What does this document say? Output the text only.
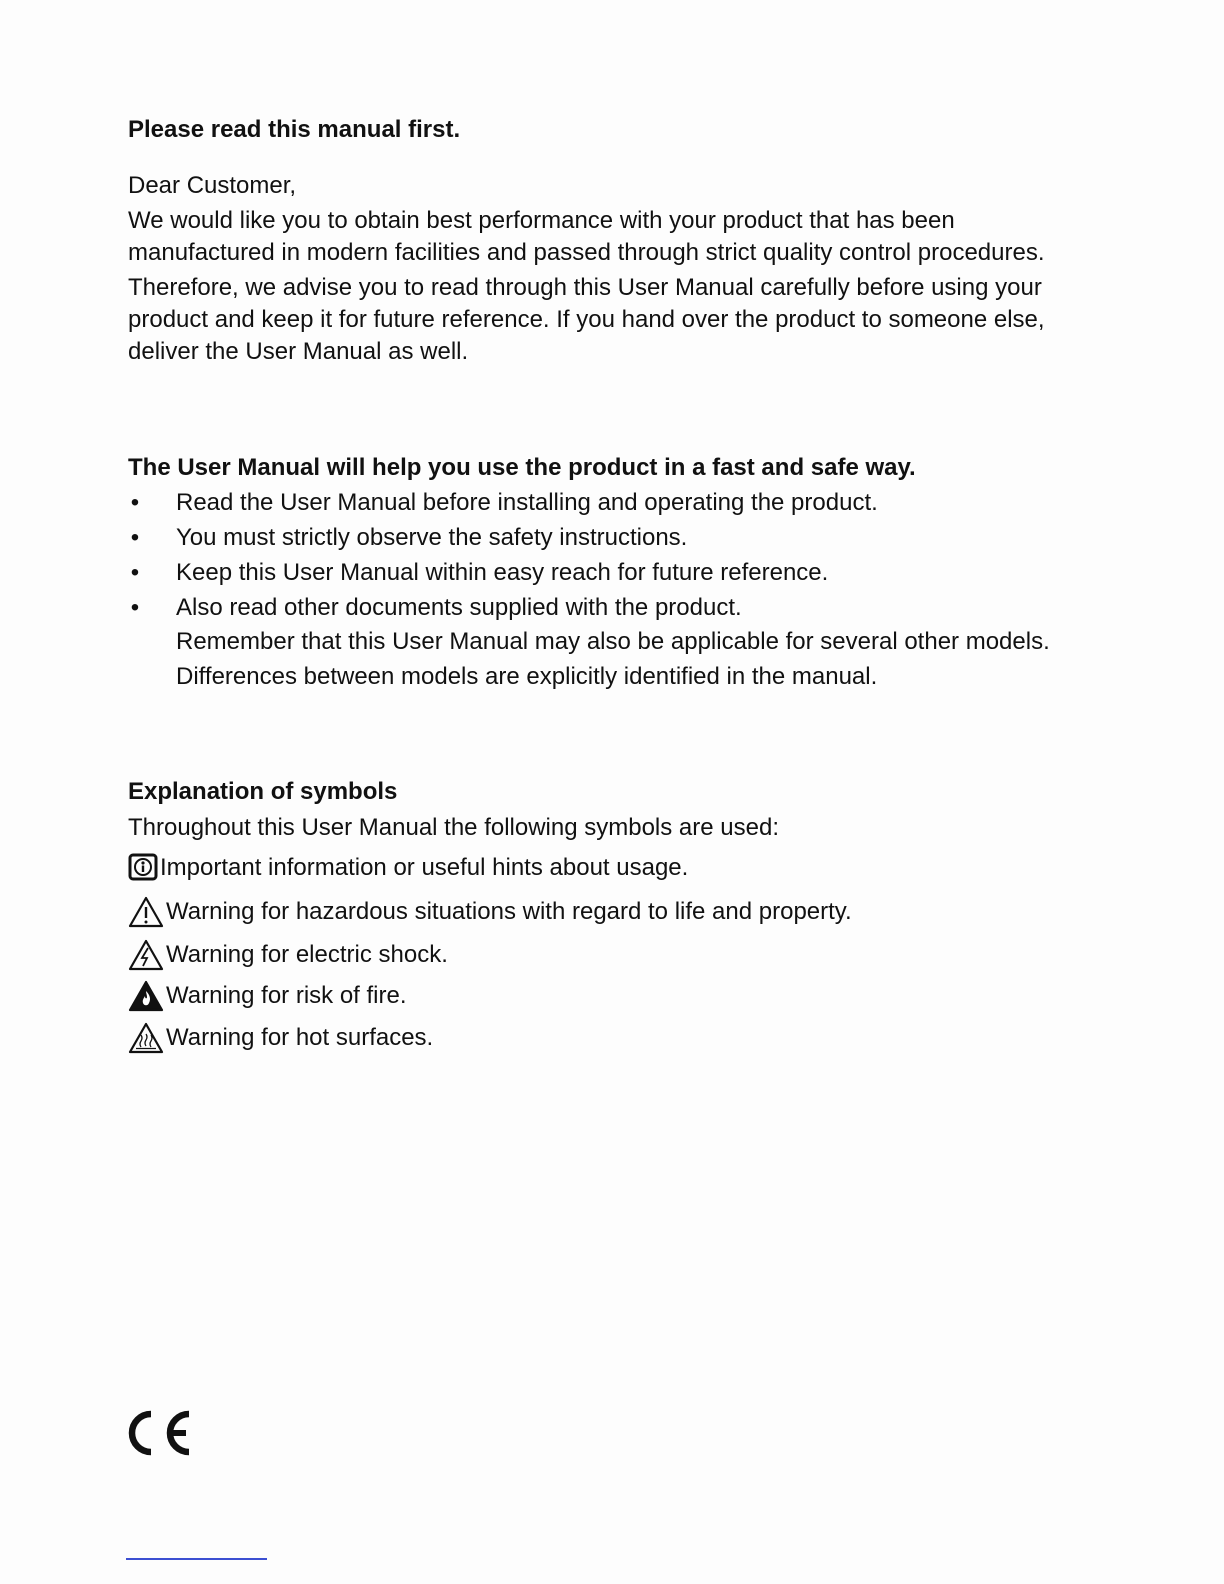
Please read this manual first.

Dear Customer,

We would like you to obtain best performance with your product that has been manufactured in modern facilities and passed through strict quality control procedures.

Therefore, we advise you to read through this User Manual carefully before using your product and keep it for future reference. If you hand over the product to someone else, deliver the User Manual as well.

The User Manual will help you use the product in a fast and safe way.
• Read the User Manual before installing and operating the product.
• You must strictly observe the safety instructions.
• Keep this User Manual within easy reach for future reference.
• Also read other documents supplied with the product.

Remember that this User Manual may also be applicable for several other models.

Differences between models are explicitly identified in the manual.

Explanation of symbols

Throughout this User Manual the following symbols are used:

Important information or useful hints about usage.
Warning for hazardous situations with regard to life and property.
Warning for electric shock.
Warning for risk of fire.
Warning for hot surfaces.
